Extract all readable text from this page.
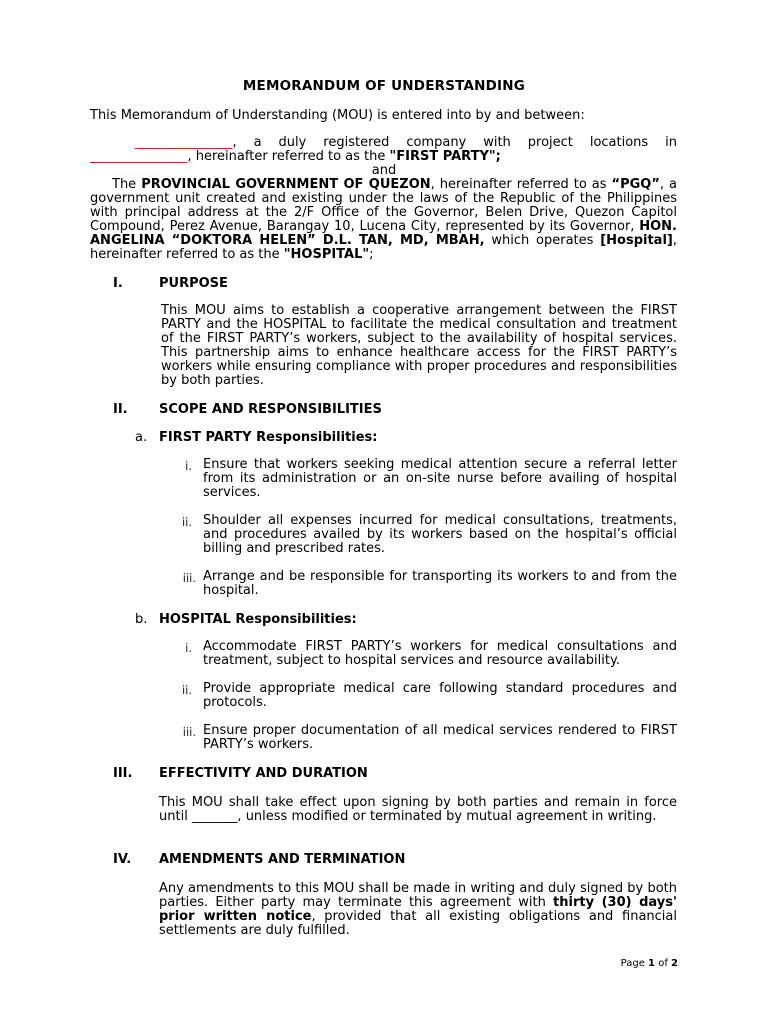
MEMORANDUM OF UNDERSTANDING
This Memorandum of Understanding (MOU) is entered into by and between:
_______________, a duly registered company with project locations in
_______________, hereinafter referred to as the "FIRST PARTY";
and
The PROVINCIAL GOVERNMENT OF QUEZON, hereinafter referred to as “PGQ”, a government unit created and existing under the laws of the Republic of the Philippines with principal address at the 2/F Office of the Governor, Belen Drive, Quezon Capitol Compound, Perez Avenue, Barangay 10, Lucena City, represented by its Governor, HON. ANGELINA “DOKTORA HELEN” D.L. TAN, MD, MBAH, which operates [Hospital], hereinafter referred to as the "HOSPITAL";
I.	PURPOSE
This MOU aims to establish a cooperative arrangement between the FIRST PARTY and the HOSPITAL to facilitate the medical consultation and treatment of the FIRST PARTY’s workers, subject to the availability of hospital services. This partnership aims to enhance healthcare access for the FIRST PARTY’s workers while ensuring compliance with proper procedures and responsibilities by both parties.
II. SCOPE AND RESPONSIBILITIES
a. FIRST PARTY Responsibilities:
i. Ensure that workers seeking medical attention secure a referral letter from its administration or an on-site nurse before availing of hospital services.
ii. Shoulder all expenses incurred for medical consultations, treatments, and procedures availed by its workers based on the hospital’s official billing and prescribed rates.
iii. Arrange and be responsible for transporting its workers to and from the hospital.
b. HOSPITAL Responsibilities:
i. Accommodate FIRST PARTY’s workers for medical consultations and treatment, subject to hospital services and resource availability.
ii. Provide appropriate medical care following standard procedures and protocols.
iii. Ensure proper documentation of all medical services rendered to FIRST PARTY’s workers.
III. EFFECTIVITY AND DURATION
This MOU shall take effect upon signing by both parties and remain in force until _______, unless modified or terminated by mutual agreement in writing.
IV. AMENDMENTS AND TERMINATION
Any amendments to this MOU shall be made in writing and duly signed by both parties. Either party may terminate this agreement with thirty (30) days' prior written notice, provided that all existing obligations and financial settlements are duly fulfilled.
Page 1 of 2
